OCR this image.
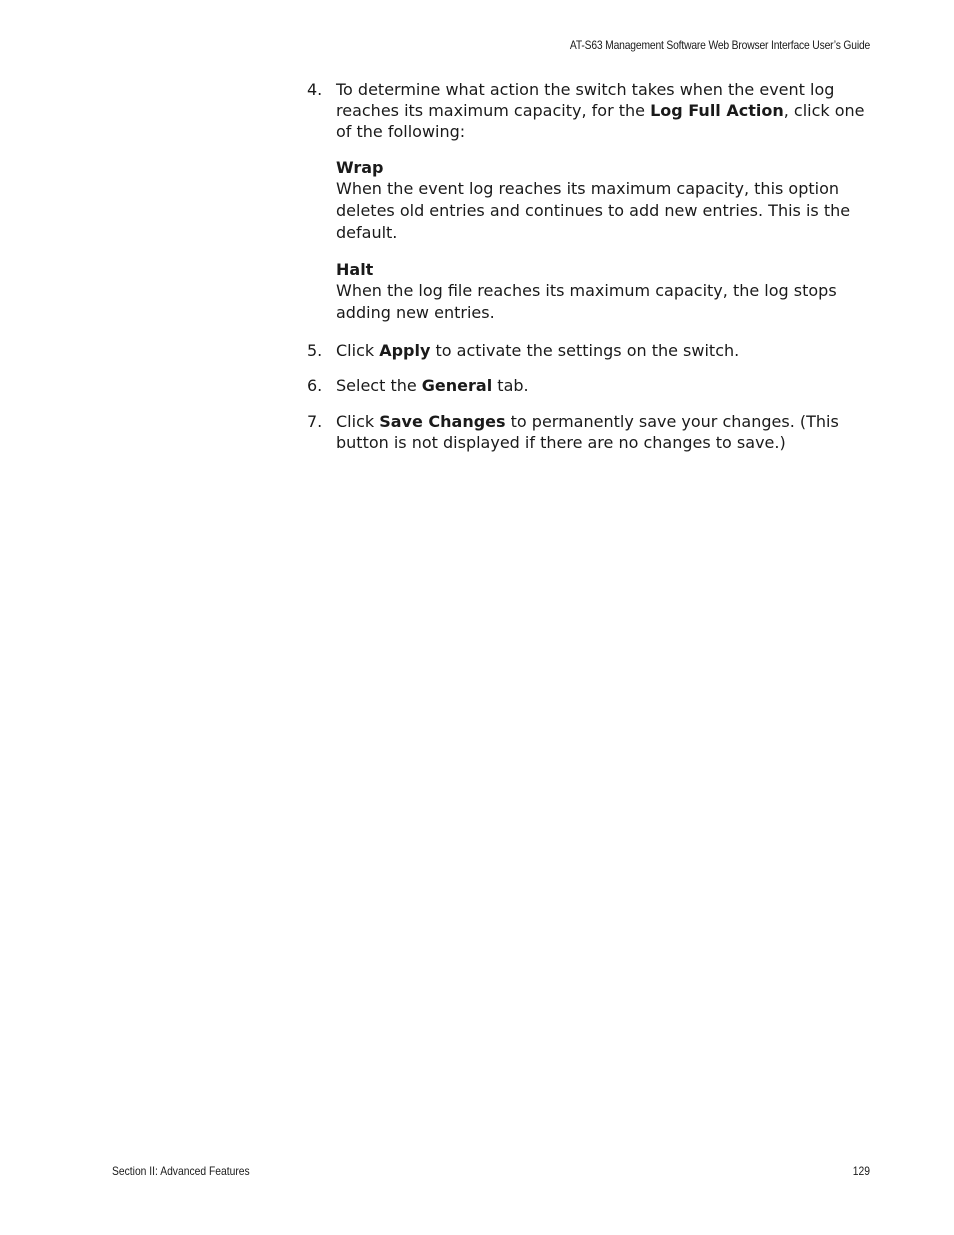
AT-S63 Management Software Web Browser Interface User’s Guide
4. To determine what action the switch takes when the event log reaches its maximum capacity, for the Log Full Action, click one of the following:
Wrap
When the event log reaches its maximum capacity, this option deletes old entries and continues to add new entries. This is the default.
Halt
When the log file reaches its maximum capacity, the log stops adding new entries.
5. Click Apply to activate the settings on the switch.
6. Select the General tab.
7. Click Save Changes to permanently save your changes. (This button is not displayed if there are no changes to save.)
Section II: Advanced Features	129
